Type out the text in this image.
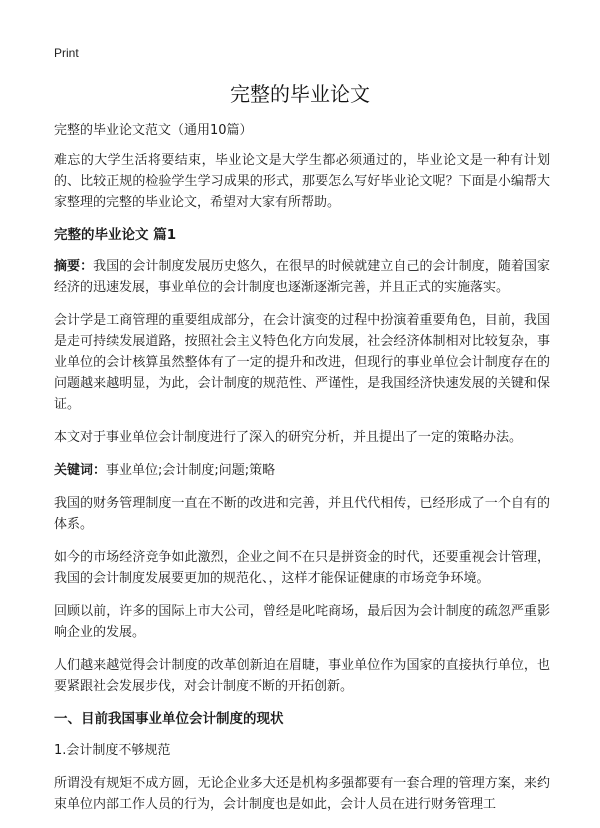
Print
完整的毕业论文

完整的毕业论文范文（通用10篇）

难忘的大学生活将要结束，毕业论文是大学生都必须通过的，毕业论文是一种有计划的、比较正规的检验学生学习成果的形式，那要怎么写好毕业论文呢？下面是小编帮大家整理的完整的毕业论文，希望对大家有所帮助。

完整的毕业论文 篇1

摘要：我国的会计制度发展历史悠久，在很早的时候就建立自己的会计制度，随着国家经济的迅速发展，事业单位的会计制度也逐渐逐渐完善，并且正式的实施落实。

会计学是工商管理的重要组成部分，在会计演变的过程中扮演着重要角色，目前，我国是走可持续发展道路，按照社会主义特色化方向发展，社会经济体制相对比较复杂，事业单位的会计核算虽然整体有了一定的提升和改进，但现行的事业单位会计制度存在的问题越来越明显，为此，会计制度的规范性、严谨性，是我国经济快速发展的关键和保证。

本文对于事业单位会计制度进行了深入的研究分析，并且提出了一定的策略办法。

关键词：事业单位;会计制度;问题;策略

我国的财务管理制度一直在不断的改进和完善，并且代代相传，已经形成了一个自有的体系。

如今的市场经济竞争如此激烈，企业之间不在只是拼资金的时代，还要重视会计管理，我国的会计制度发展要更加的规范化、，这样才能保证健康的市场竞争环境。

回顾以前，许多的国际上市大公司，曾经是叱咤商场，最后因为会计制度的疏忽严重影响企业的发展。

人们越来越觉得会计制度的改革创新迫在眉睫，事业单位作为国家的直接执行单位，也要紧跟社会发展步伐，对会计制度不断的开拓创新。

一、目前我国事业单位会计制度的现状

1.会计制度不够规范

所谓没有规矩不成方圆，无论企业多大还是机构多强都要有一套合理的管理方案，来约束单位内部工作人员的行为，会计制度也是如此，会计人员在进行财务管理工
